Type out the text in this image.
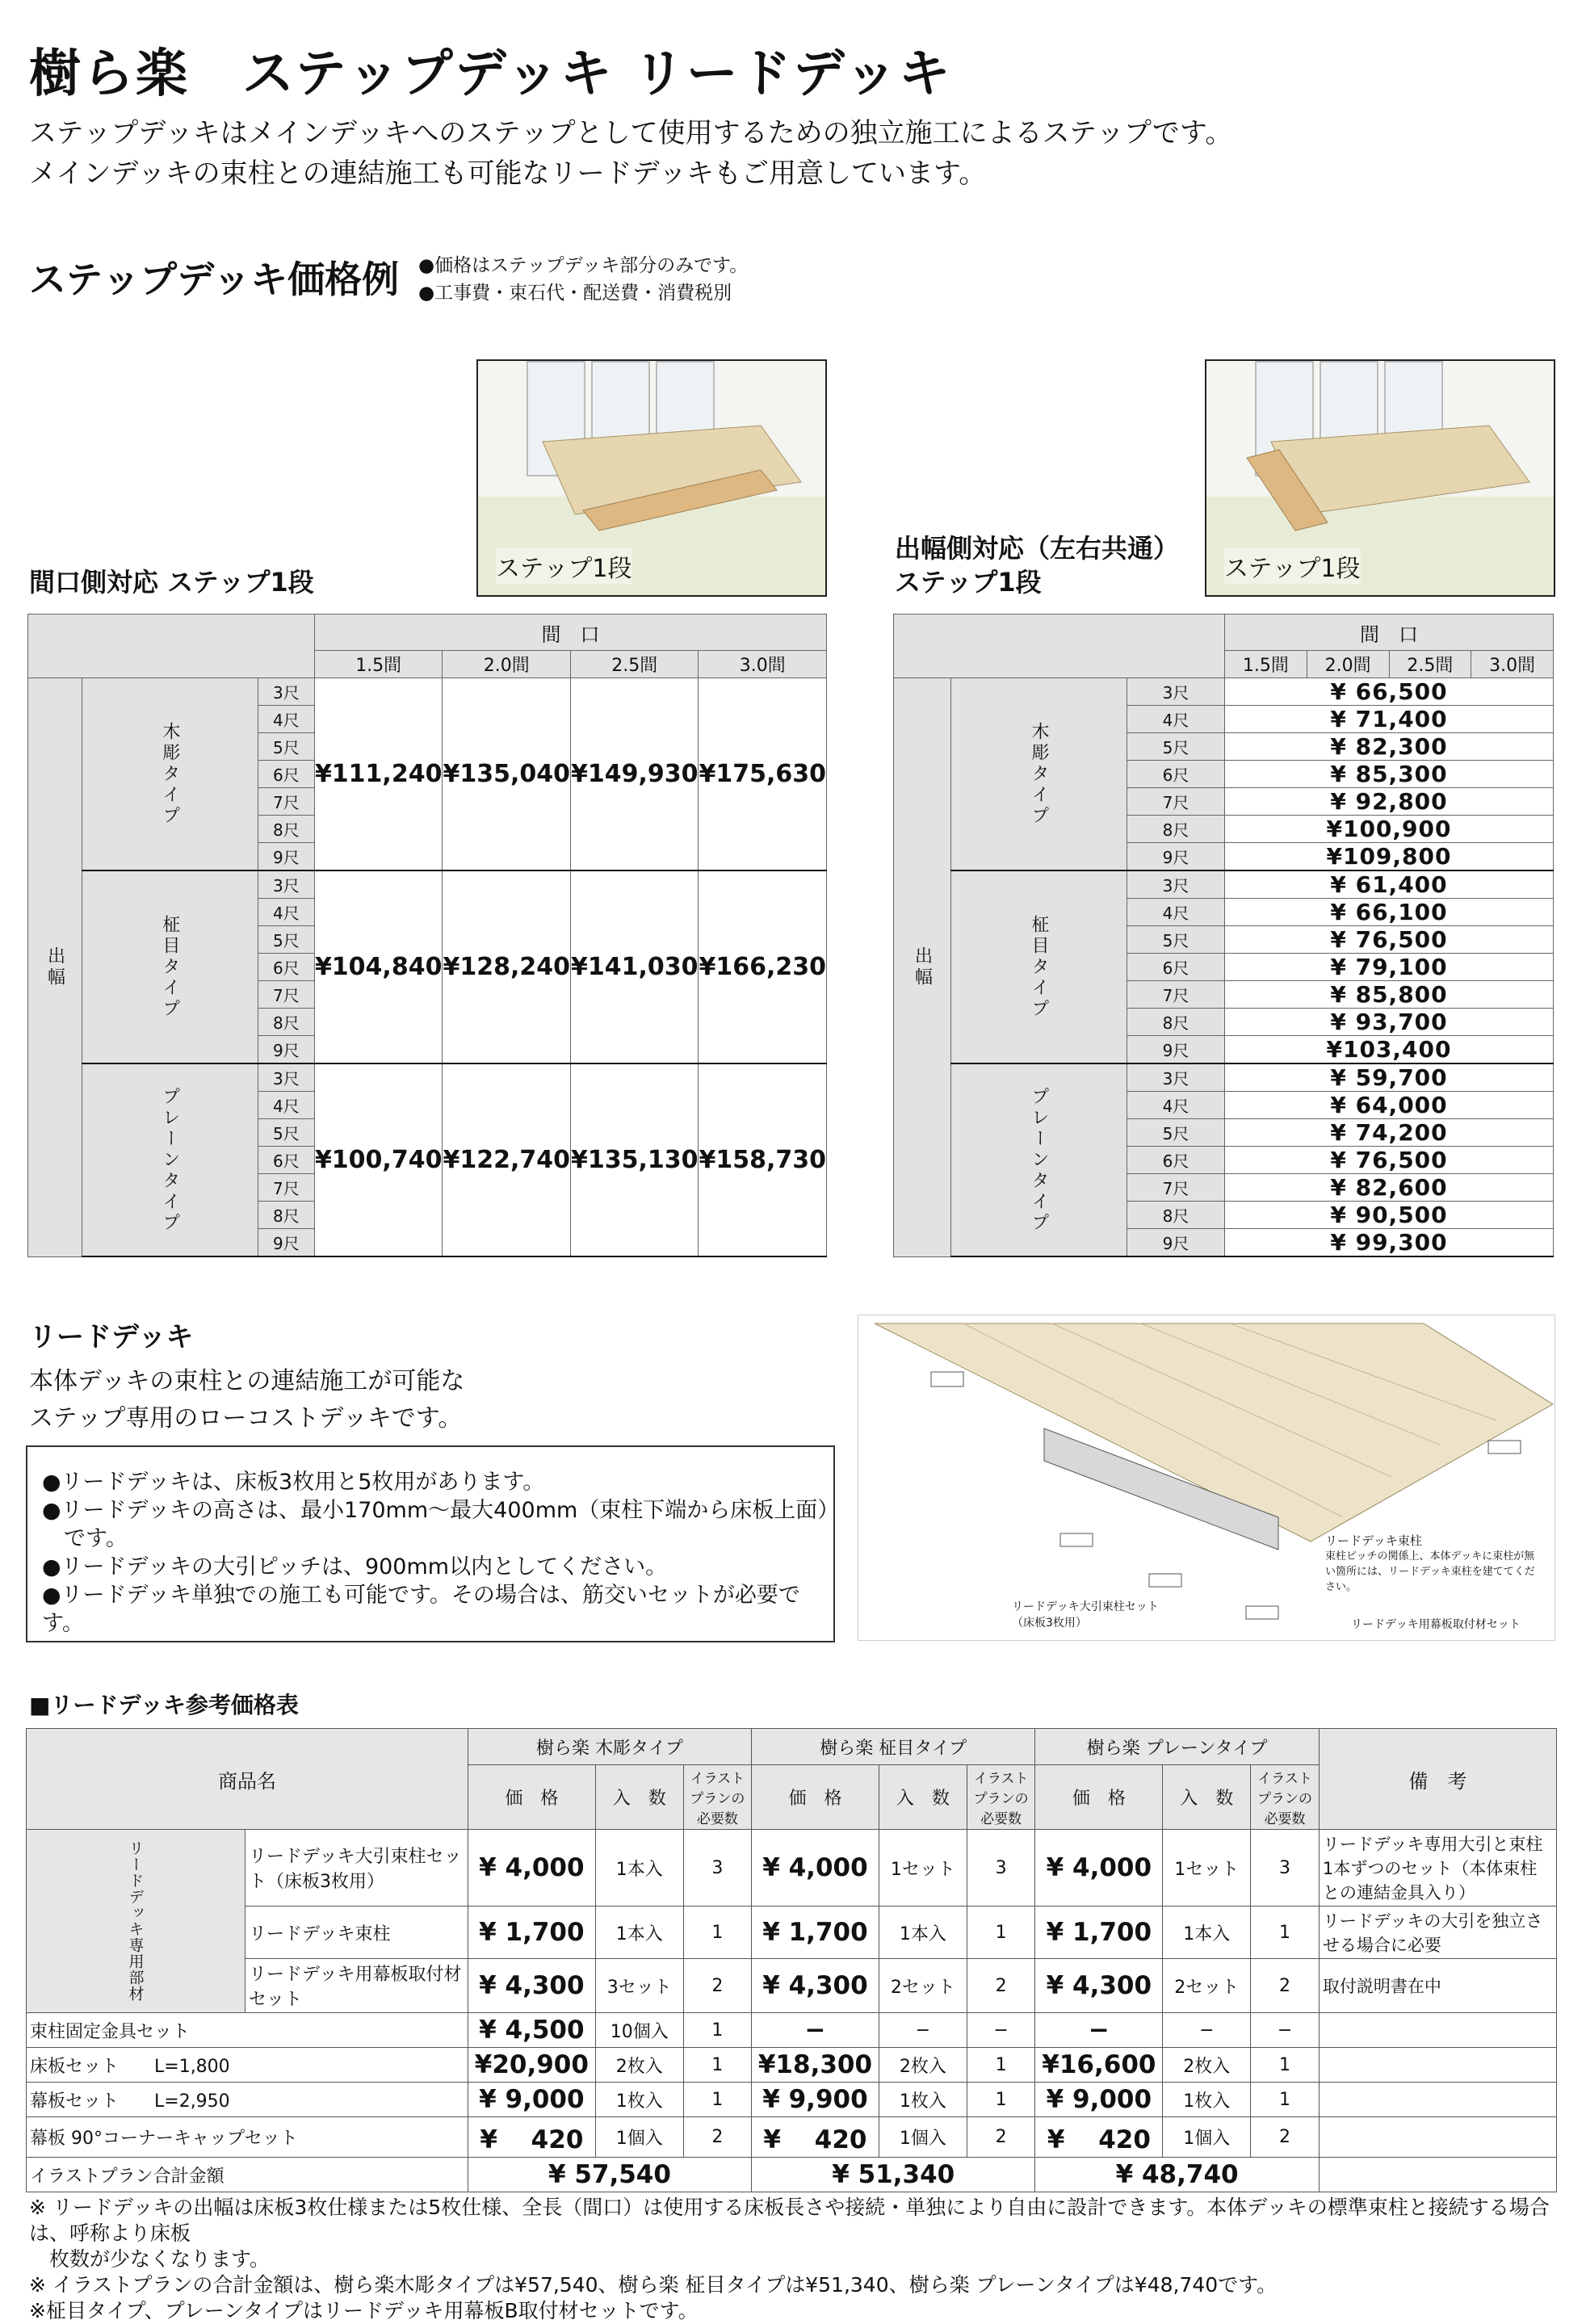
樹ら楽　ステップデッキ リードデッキ
ステップデッキはメインデッキへのステップとして使用するための独立施工によるステップです。
メインデッキの束柱との連結施工も可能なリードデッキもご用意しています。
ステップデッキ価格例 ●価格はステップデッキ部分のみです。
●工事費・束石代・配送費・消費税別
ステップ1段	ステップ1段
間口側対応 ステップ1段
出幅側対応（左右共通）
ステップ1段
			間　口			
			1.5間	2.0間	2.5間	3.0間
出幅	木彫タイプ	3尺	¥111,240	¥135,040	¥149,930	¥175,630
		4尺				
		5尺				
		6尺				
		7尺				
		8尺				
		9尺				
	柾目タイプ	3尺	¥104,840	¥128,240	¥141,030	¥166,230
		4尺				
		5尺				
		6尺				
		7尺				
		8尺				
		9尺				
	プレーンタイプ	3尺	¥100,740	¥122,740	¥135,130	¥158,730
		4尺				
		5尺				
		6尺				
		7尺				
		8尺				
		9尺				
			間　口			
			1.5間	2.0間	2.5間	3.0間
出幅	木彫タイプ	3尺	¥ 66,500			
		4尺	¥ 71,400			
		5尺	¥ 82,300			
		6尺	¥ 85,300			
		7尺	¥ 92,800			
		8尺	¥100,900			
		9尺	¥109,800			
	柾目タイプ	3尺	¥ 61,400			
		4尺	¥ 66,100			
		5尺	¥ 76,500			
		6尺	¥ 79,100			
		7尺	¥ 85,800			
		8尺	¥ 93,700			
		9尺	¥103,400			
	プレーンタイプ	3尺	¥ 59,700			
		4尺	¥ 64,000			
		5尺	¥ 74,200			
		6尺	¥ 76,500			
		7尺	¥ 82,600			
		8尺	¥ 90,500			
		9尺	¥ 99,300			
リードデッキ
本体デッキの束柱との連結施工が可能な
ステップ専用のローコストデッキです。
●リードデッキは、床板3枚用と5枚用があります。
●リードデッキの高さは、最小170mm〜最大400mm（束柱下端から床板上面）
　です。
●リードデッキの大引ピッチは、900mm以内としてください。
●リードデッキ単独での施工も可能です。その場合は、筋交いセットが必要です。
リードデッキ束柱
束柱ピッチの関係上、本体デッキに束柱が無い箇所には、リードデッキ束柱を建ててください。
リードデッキ大引束柱セット（床板3枚用）	リードデッキ用幕板取付材セット
■リードデッキ参考価格表
商品名		樹ら楽 木彫タイプ			樹ら楽 柾目タイプ			樹ら楽 プレーンタイプ			備　考
		価　格	入　数	イラストプランの必要数	価　格	入　数	イラストプランの必要数	価　格	入　数	イラストプランの必要数	
リードデッキ専用部材	リードデッキ大引束柱セット（床板3枚用）	¥ 4,000	1本入	3	¥ 4,000	1セット	3	¥ 4,000	1セット	3	リードデッキ専用大引と束柱1本ずつのセット（本体束柱との連結金具入り）
	リードデッキ束柱	¥ 1,700	1本入	1	¥ 1,700	1本入	1	¥ 1,700	1本入	1	リードデッキの大引を独立させる場合に必要
	リードデッキ用幕板取付材セット	¥ 4,300	3セット	2	¥ 4,300	2セット	2	¥ 4,300	2セット	2	取付説明書在中
束柱固定金具セット		¥ 4,500	10個入	1	−	−	−	−	−	−	
床板セット　　L=1,800		¥20,900	2枚入	1	¥18,300	2枚入	1	¥16,600	2枚入	1	
幕板セット　　L=2,950		¥ 9,000	1枚入	1	¥ 9,900	1枚入	1	¥ 9,000	1枚入	1	
幕板 90°コーナーキャップセット		¥　 420	1個入	2	¥　 420	1個入	2	¥　 420	1個入	2	
イラストプラン合計金額		¥ 57,540			¥ 51,340			¥ 48,740			
※ リードデッキの出幅は床板3枚仕様または5枚仕様、全長（間口）は使用する床板長さや接続・単独により自由に設計できます。本体デッキの標準束柱と接続する場合は、呼称より床板
　枚数が少なくなります。
※ イラストプランの合計金額は、樹ら楽木彫タイプは¥57,540、樹ら楽 柾目タイプは¥51,340、樹ら楽 プレーンタイプは¥48,740です。
※柾目タイプ、プレーンタイプはリードデッキ用幕板B取付材セットです。
